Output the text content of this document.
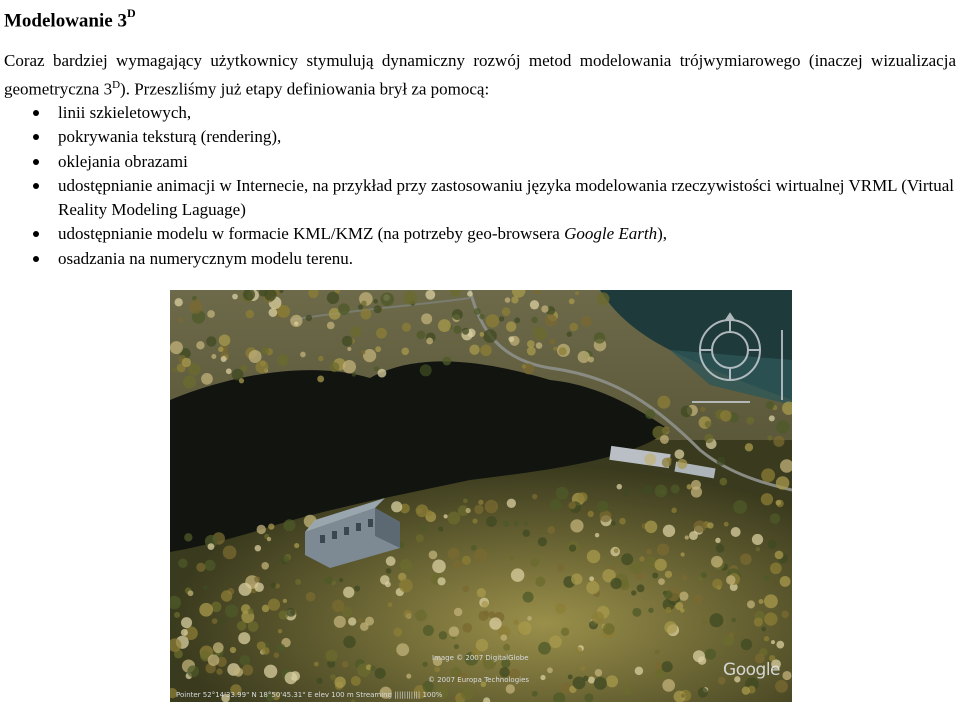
Modelowanie $3^D$
Coraz bardziej wymagający użytkownicy stymulują dynamiczny rozwój metod modelowania trójwymiarowego (inaczej wizualizacja geometryczna $3^D$). Przeszliśmy już etapy definiowania brył za pomocą:
linii szkieletowych,
pokrywania teksturą (rendering),
oklejania obrazami
udostępnianie animacji w Internecie, na przykład przy zastosowaniu języka modelowania rzeczywistości wirtualnej VRML (Virtual Reality Modeling Laguage)
udostępnianie modelu w formacie KML/KMZ (na potrzeby geo-browsera Google Earth),
osadzania na numerycznym modelu terenu.
Image © 2007 DigitalGlobe
© 2007 Europa Technologies	Google
Pointer 52°14'33.99" N 18°50'45.31" E elev 100 m Streaming ||||||||||| 100%
